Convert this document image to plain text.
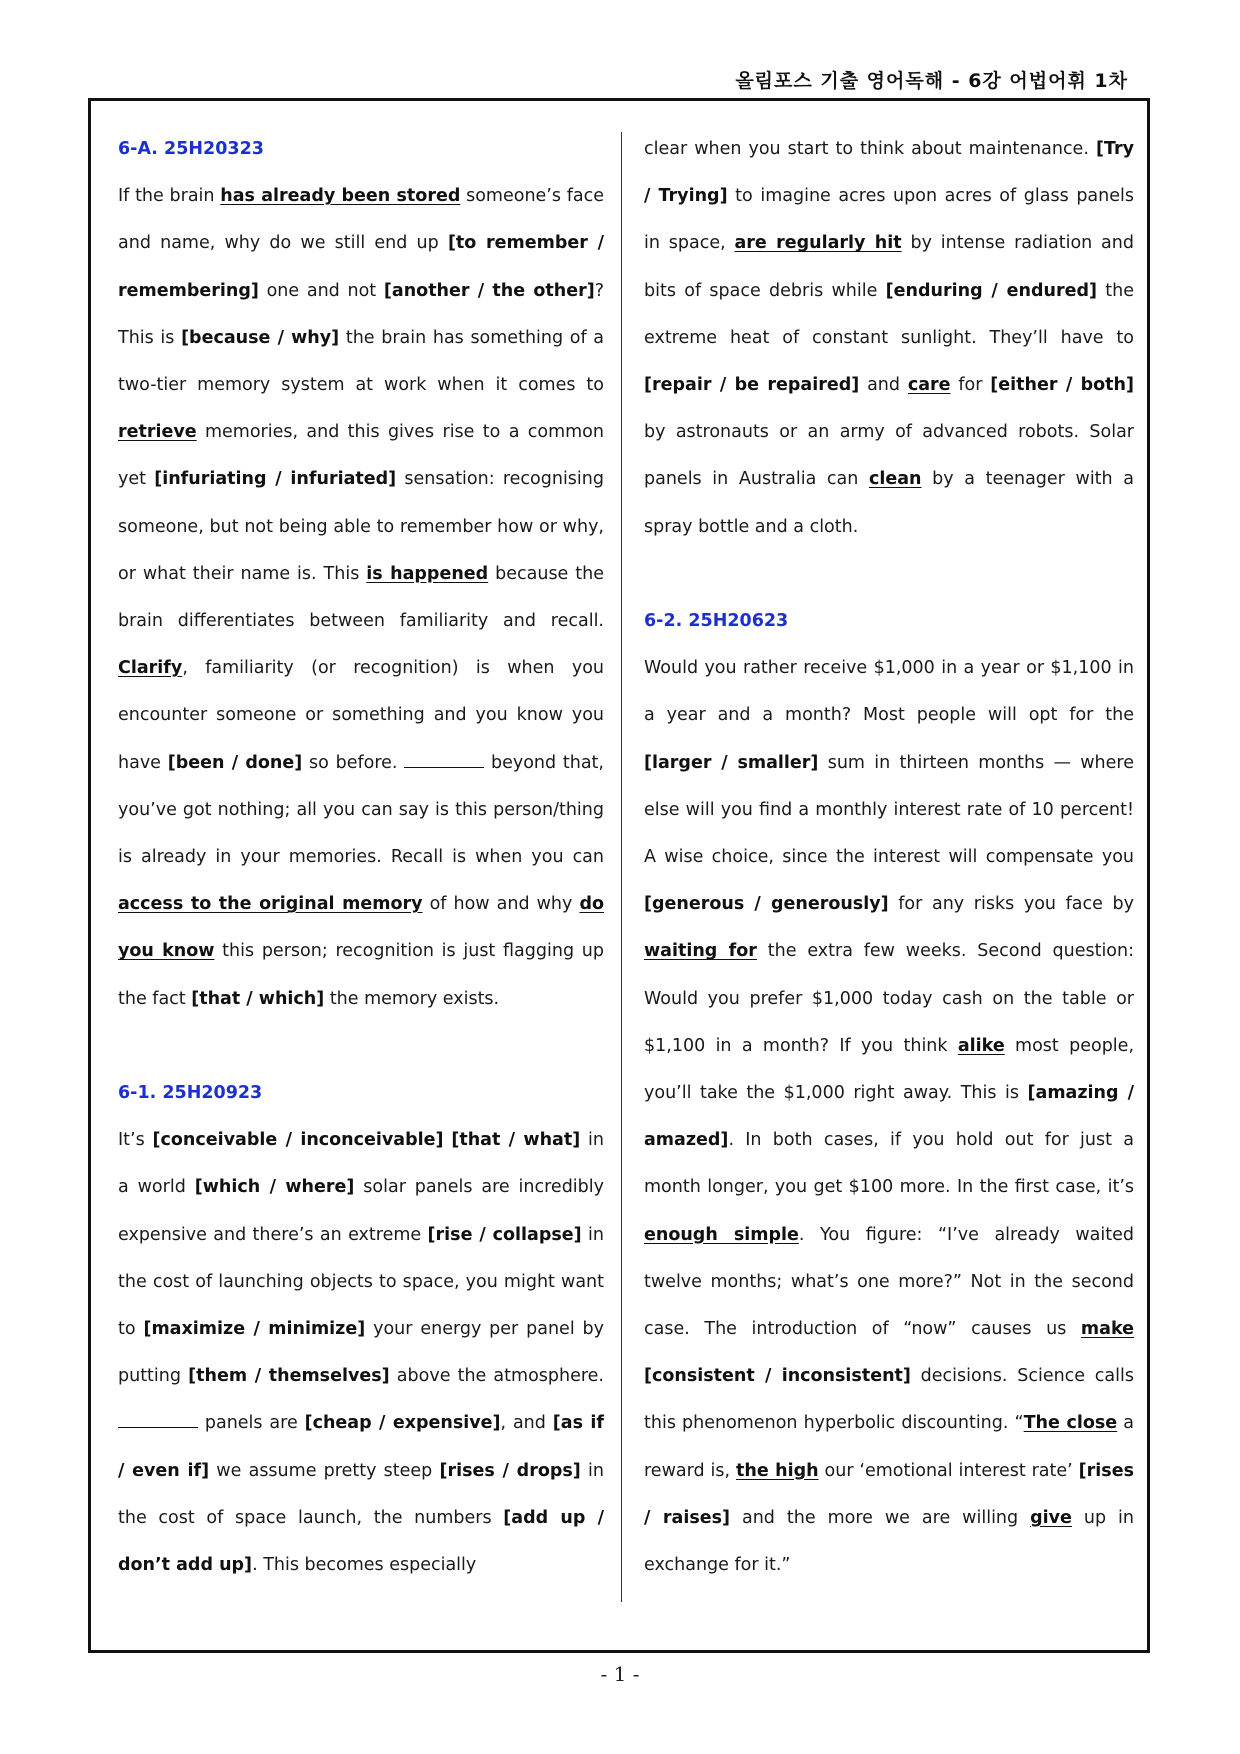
올림포스 기출 영어독해 - 6강 어법어휘 1차

6-A. 25H20323

If the brain has already been stored someone’s face and name, why do we still end up [to remember / remembering] one and not [another / the other]? This is [because / why] the brain has something of a two-tier memory system at work when it comes to retrieve memories, and this gives rise to a common yet [infuriating / infuriated] sensation: recognising someone, but not being able to remember how or why, or what their name is. This is happened because the brain differentiates between familiarity and recall. Clarify, familiarity (or recognition) is when you encounter someone or something and you know you have [been / done] so before.	beyond that, you’ve got nothing; all you can say is this person/thing is already in your memories. Recall is when you can access to the original memory of how and why do you know this person; recognition is just flagging up the fact [that / which] the memory exists.

6-1. 25H20923

It’s [conceivable / inconceivable] [that / what] in a world [which / where] solar panels are incredibly expensive and there’s an extreme [rise / collapse] in the cost of launching objects to space, you might want to [maximize / minimize] your energy per panel by putting [them / themselves] above the atmosphere.  panels are [cheap / expensive], and [as if / even if] we assume pretty steep [rises / drops] in the cost of space launch, the numbers [add up / don’t add up]. This becomes especially

clear when you start to think about maintenance. [Try / Trying] to imagine acres upon acres of glass panels in space, are regularly hit by intense radiation and bits of space debris while [enduring / endured] the extreme heat of constant sunlight. They’ll have to [repair / be repaired] and care for [either / both] by astronauts or an army of advanced robots. Solar panels in Australia can clean by a teenager with a spray bottle and a cloth.

6-2. 25H20623

Would you rather receive $1,000 in a year or $1,100 in a year and a month? Most people will opt for the [larger / smaller] sum in thirteen months — where else will you find a monthly interest rate of 10 percent! A wise choice, since the interest will compensate you [generous / generously] for any risks you face by waiting for the extra few weeks. Second question: Would you prefer $1,000 today cash on the table or $1,100 in a month? If you think alike most people, you’ll take the $1,000 right away. This is [amazing / amazed]. In both cases, if you hold out for just a month longer, you get $100 more. In the first case, it’s enough simple. You figure: “I’ve already waited twelve months; what’s one more?” Not in the second case. The introduction of “now” causes us make [consistent / inconsistent] decisions. Science calls this phenomenon hyperbolic discounting. “The close a reward is, the high our ‘emotional interest rate’ [rises / raises] and the more we are willing give up in exchange for it.”

- 1 -
